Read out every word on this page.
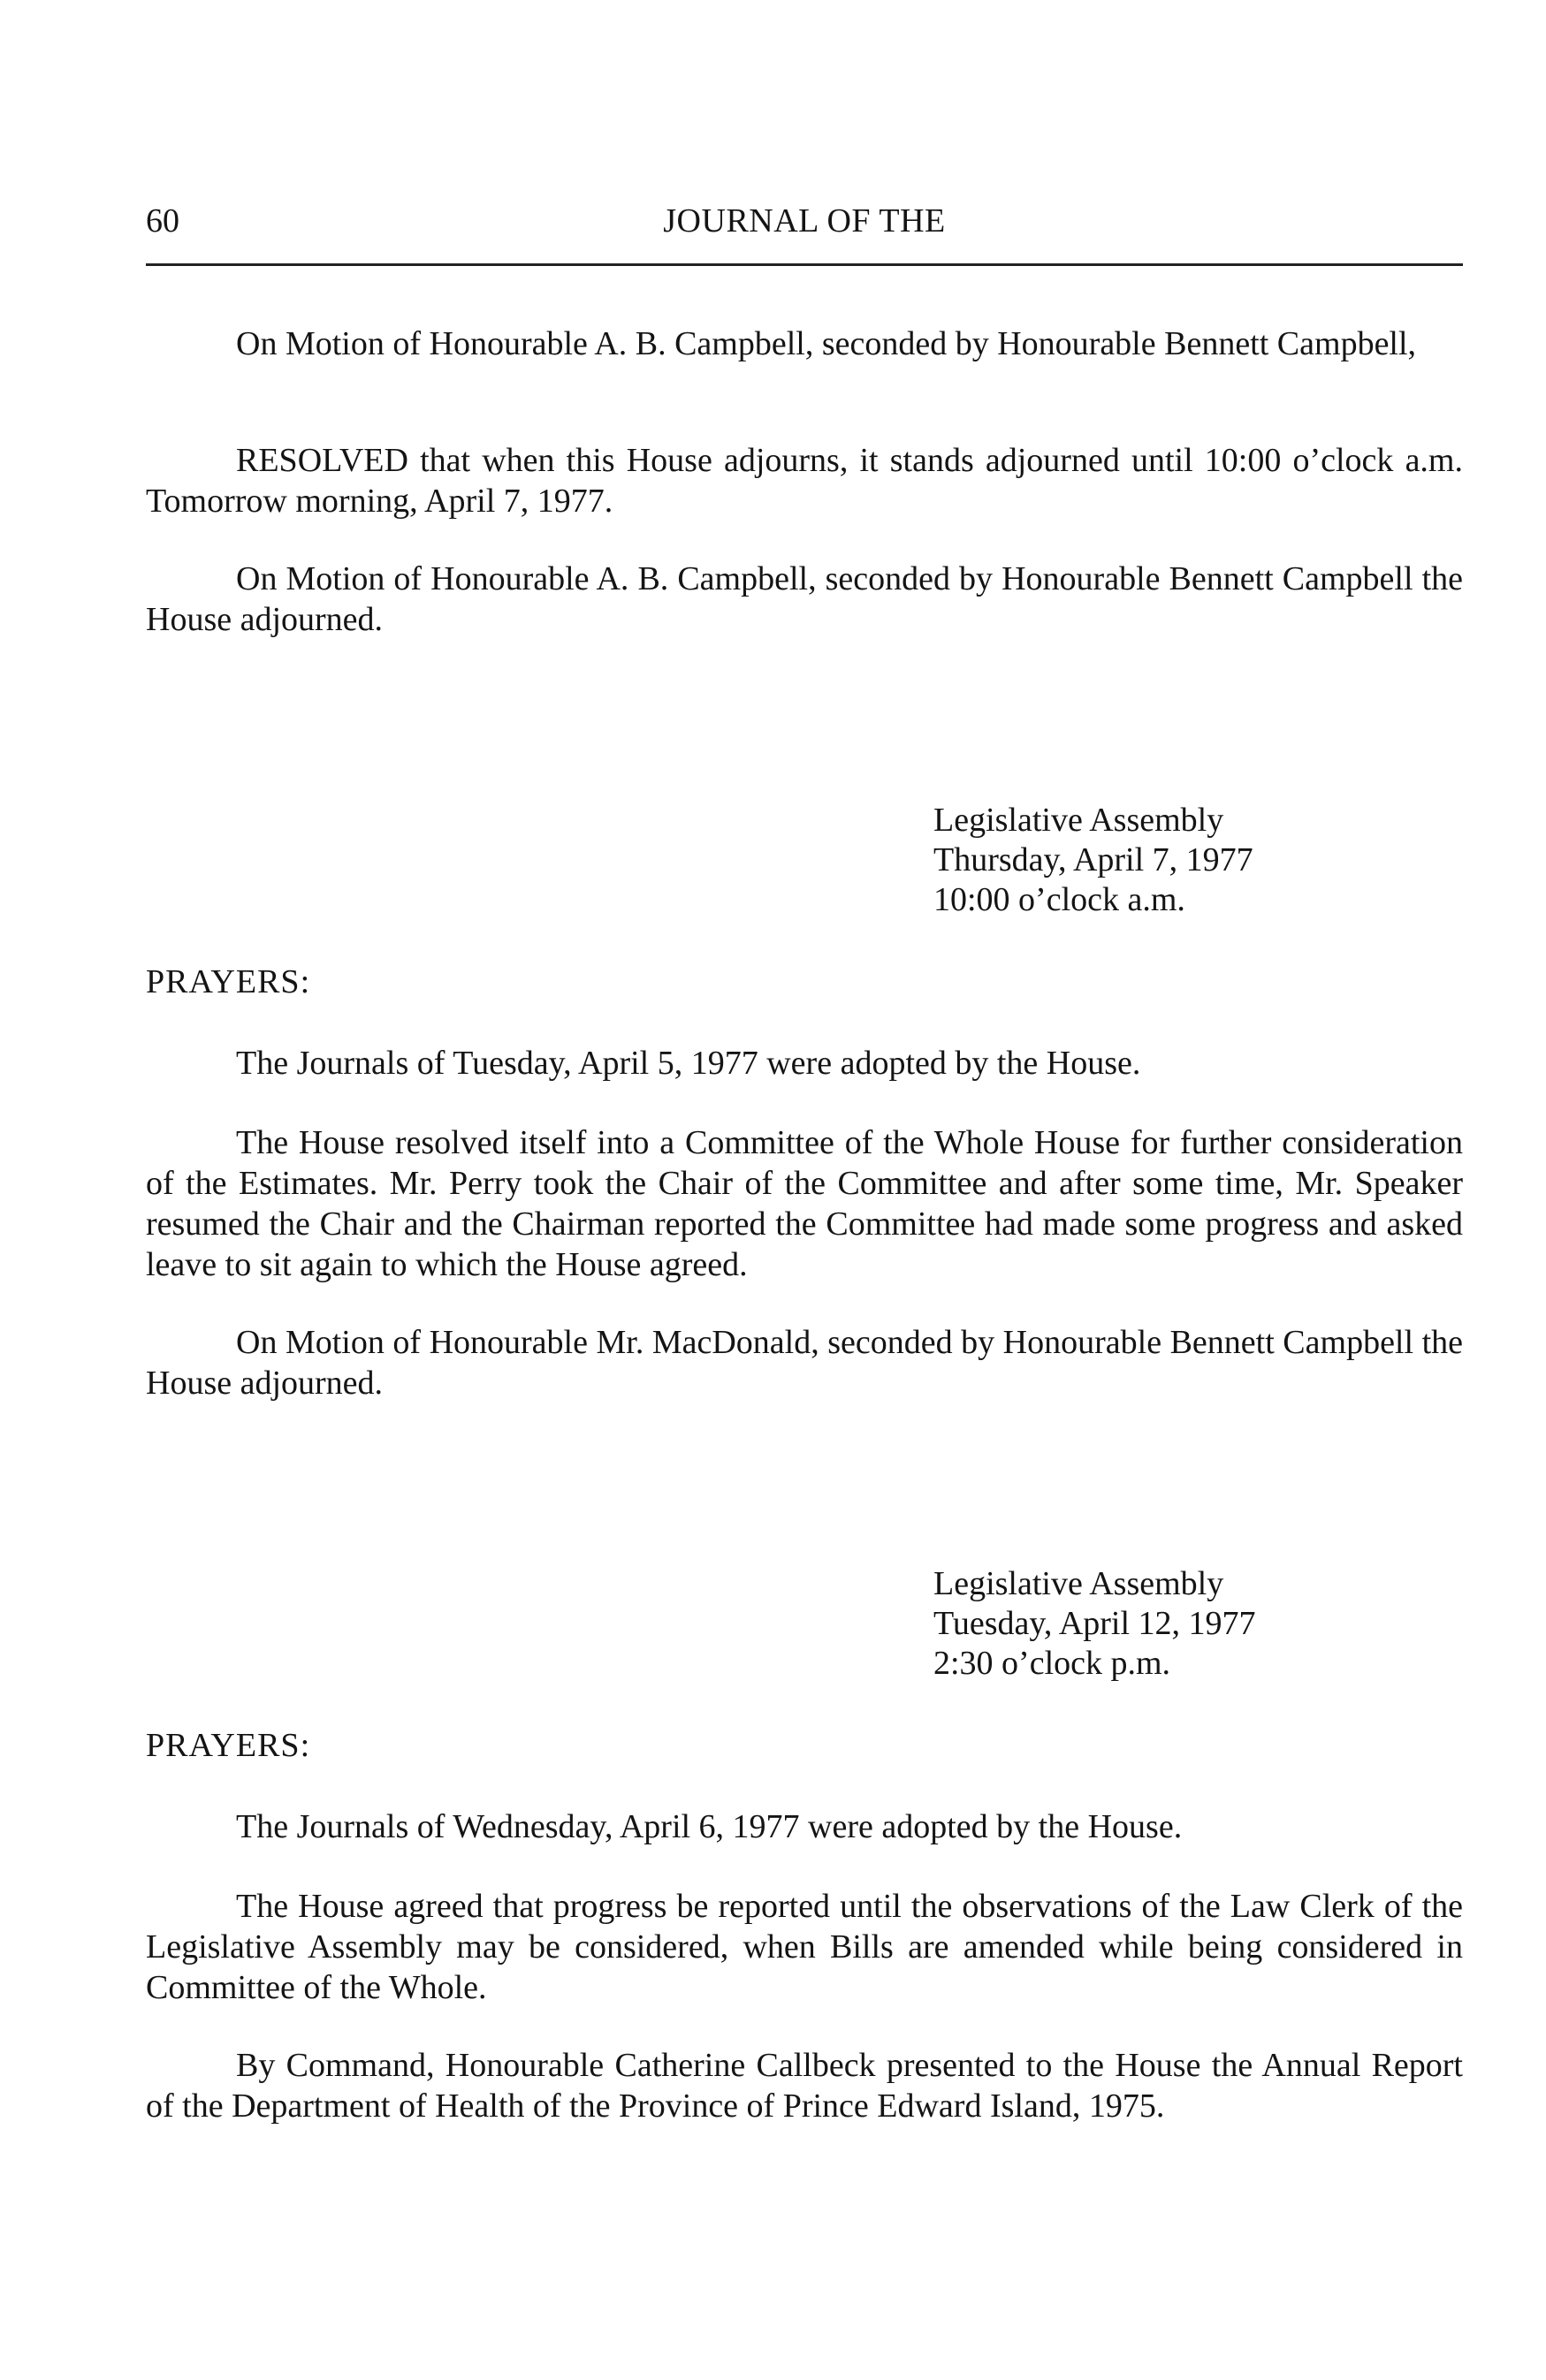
60	JOURNAL OF THE

On Motion of Honourable A. B. Campbell, seconded by Honourable Bennett Campbell,

RESOLVED that when this House adjourns, it stands adjourned until 10:00 o’clock a.m. Tomorrow morning, April 7, 1977.

On Motion of Honourable A. B. Campbell, seconded by Honourable Bennett Campbell the House adjourned.

Legislative Assembly
Thursday, April 7, 1977
10:00 o’clock a.m.
PRAYERS:

The Journals of Tuesday, April 5, 1977 were adopted by the House.

The House resolved itself into a Committee of the Whole House for further consideration of the Estimates. Mr. Perry took the Chair of the Committee and after some time, Mr. Speaker resumed the Chair and the Chairman reported the Committee had made some progress and asked leave to sit again to which the House agreed.

On Motion of Honourable Mr. MacDonald, seconded by Honourable Bennett Campbell the House adjourned.

Legislative Assembly
Tuesday, April 12, 1977
2:30 o’clock p.m.
PRAYERS:

The Journals of Wednesday, April 6, 1977 were adopted by the House.

The House agreed that progress be reported until the observations of the Law Clerk of the Legislative Assembly may be considered, when Bills are amended while being considered in Committee of the Whole.

By Command, Honourable Catherine Callbeck presented to the House the Annual Report of the Department of Health of the Province of Prince Edward Island, 1975.
